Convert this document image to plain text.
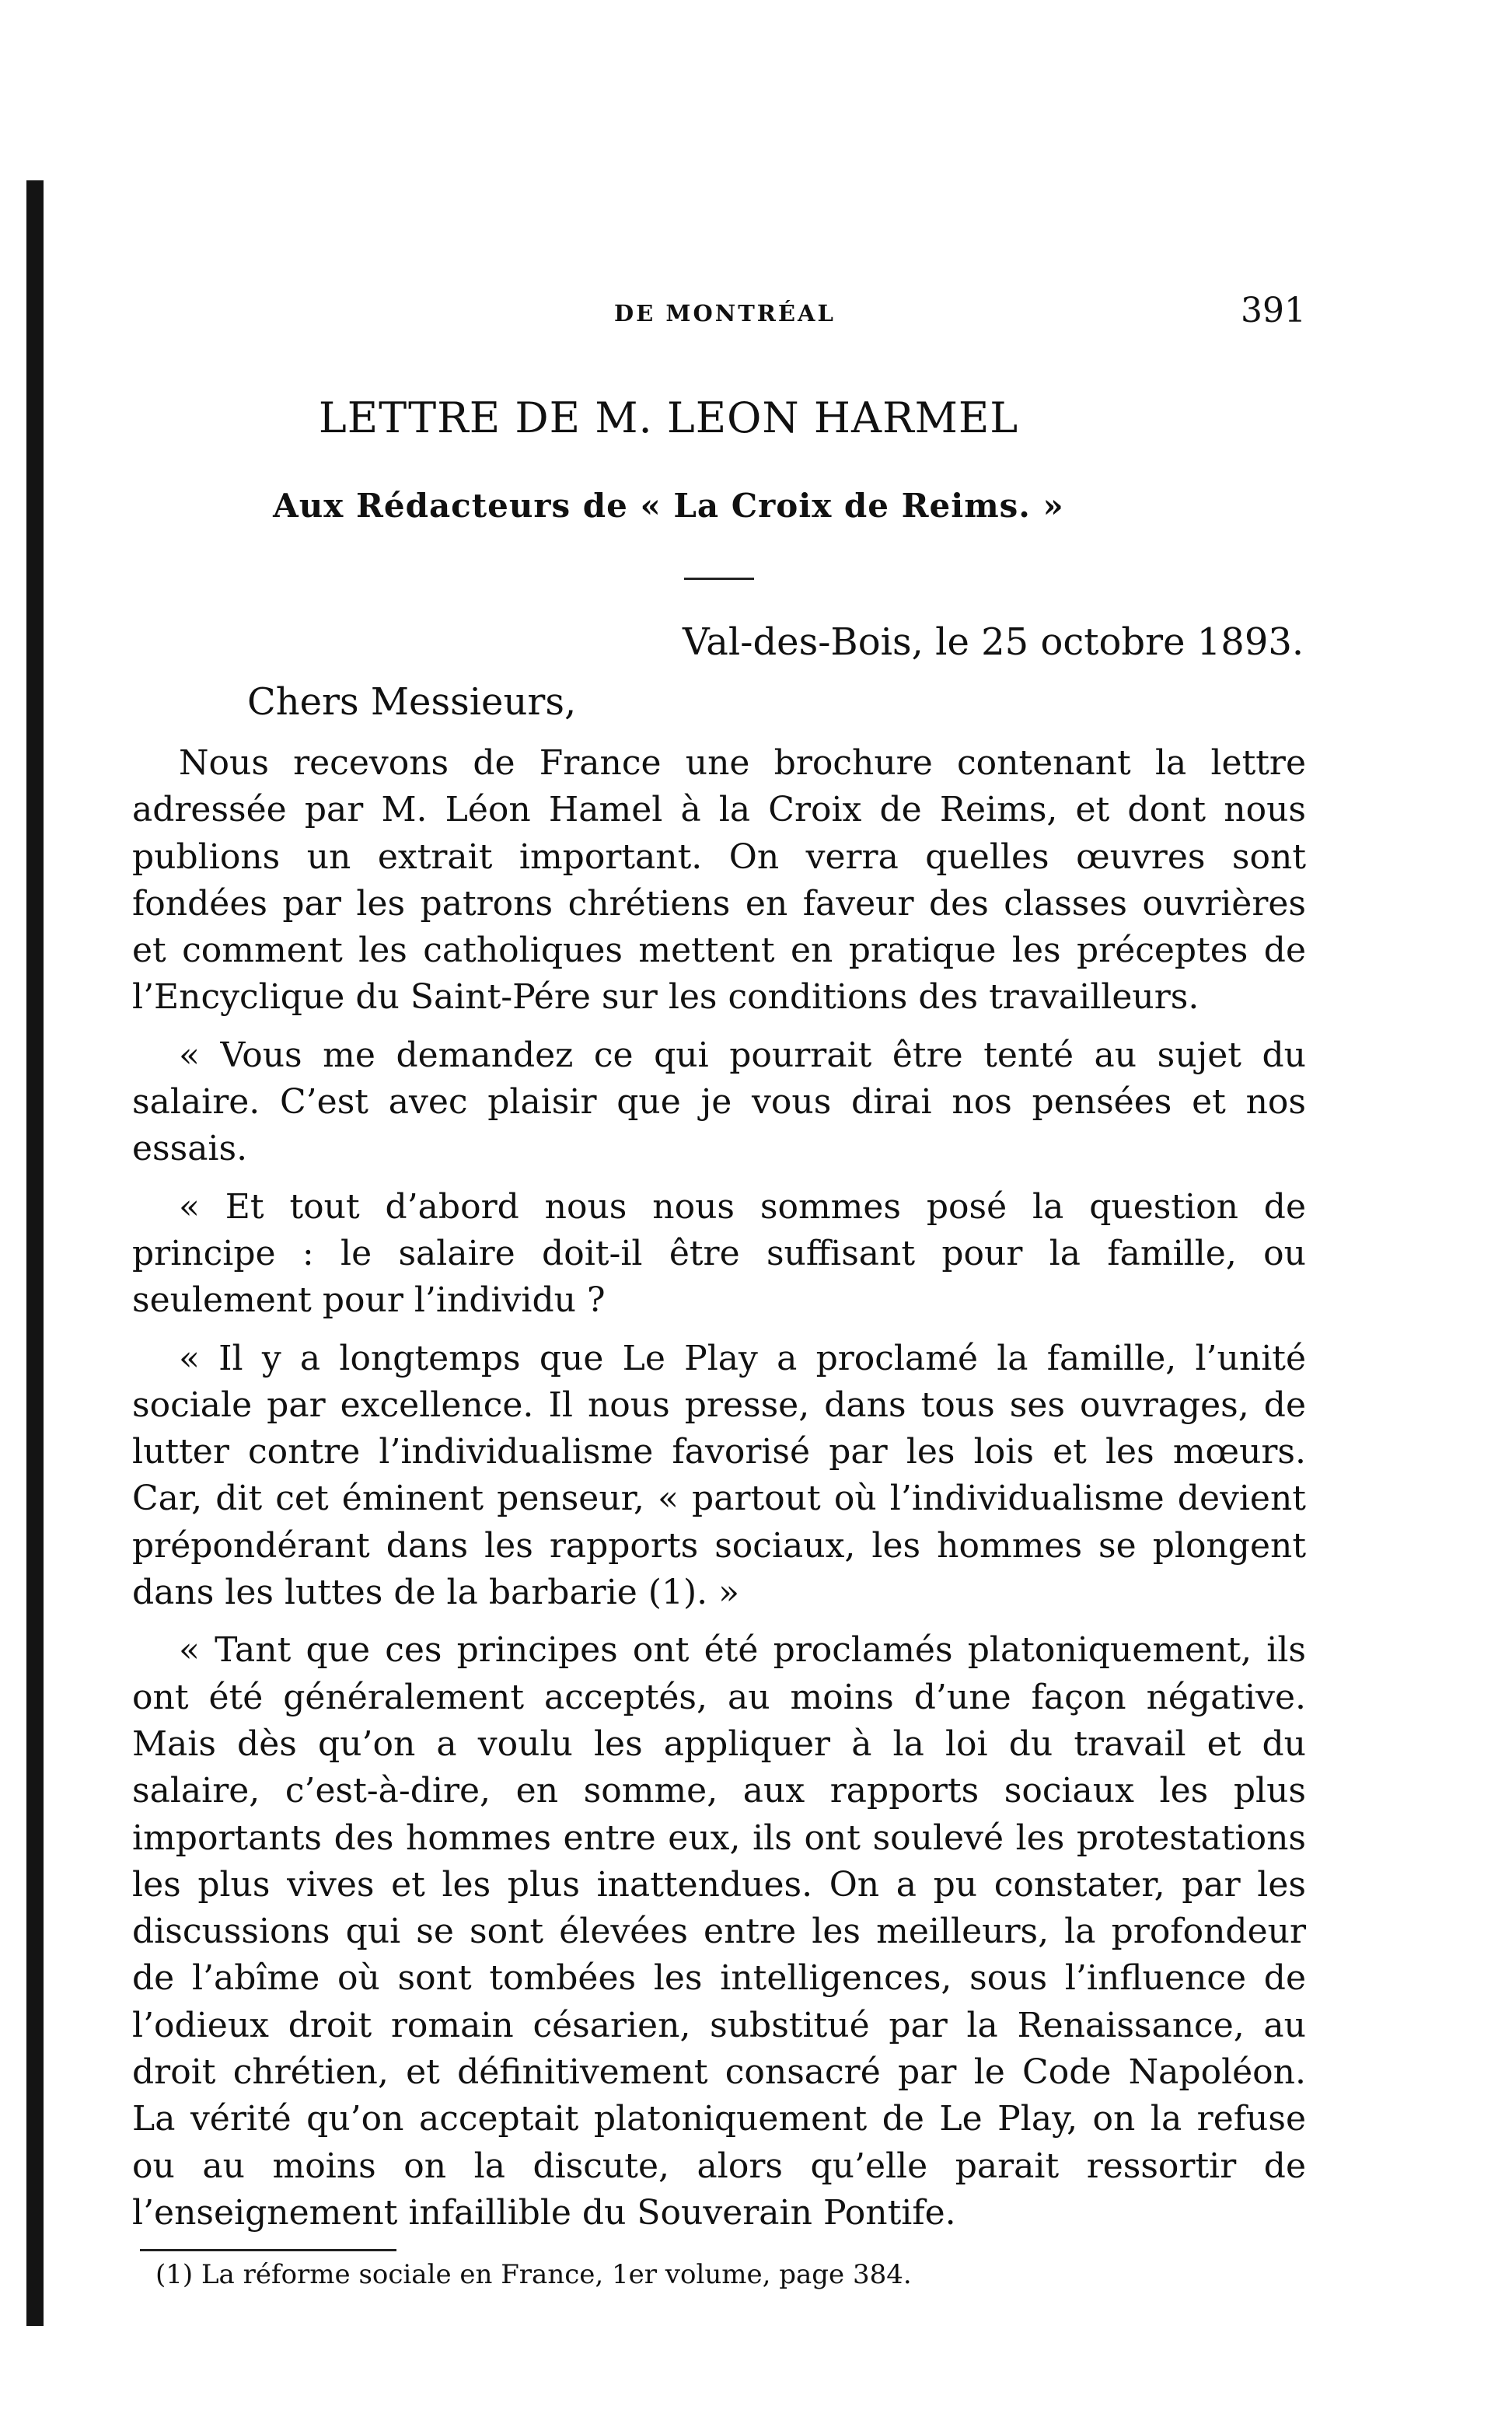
DE MONTRÉAL	391
LETTRE DE M. LEON HARMEL
Aux Rédacteurs de « La Croix de Reims. »
Val-des-Bois, le 25 octobre 1893.
Chers Messieurs,

Nous recevons de France une brochure contenant la lettre adressée par M. Léon Hamel à la Croix de Reims, et dont nous publions un extrait important. On verra quelles œuvres sont fondées par les patrons chrétiens en faveur des classes ouvrières et comment les catholiques mettent en pratique les préceptes de l’Encyclique du Saint-Pére sur les conditions des travailleurs.

« Vous me demandez ce qui pourrait être tenté au sujet du salaire. C’est avec plaisir que je vous dirai nos pensées et nos essais.

« Et tout d’abord nous nous sommes posé la question de principe : le salaire doit-il être suffisant pour la famille, ou seulement pour l’individu ?

« Il y a longtemps que Le Play a proclamé la famille, l’unité sociale par excellence. Il nous presse, dans tous ses ouvrages, de lutter contre l’individualisme favorisé par les lois et les mœurs. Car, dit cet éminent penseur, « partout où l’individualisme devient prépondérant dans les rapports sociaux, les hommes se plongent dans les luttes de la barbarie (1). »

« Tant que ces principes ont été proclamés platoniquement, ils ont été généralement acceptés, au moins d’une façon négative. Mais dès qu’on a voulu les appliquer à la loi du travail et du salaire, c’est-à-dire, en somme, aux rapports sociaux les plus importants des hommes entre eux, ils ont soulevé les protestations les plus vives et les plus inattendues. On a pu constater, par les discussions qui se sont élevées entre les meilleurs, la profondeur de l’abîme où sont tombées les intelligences, sous l’influence de l’odieux droit romain césarien, substitué par la Renaissance, au droit chrétien, et définitivement consacré par le Code Napoléon. La vérité qu’on acceptait platoniquement de Le Play, on la refuse ou au moins on la discute, alors qu’elle parait ressortir de l’enseignement infaillible du Souverain Pontife.

(1) La réforme sociale en France, 1er volume, page 384.
